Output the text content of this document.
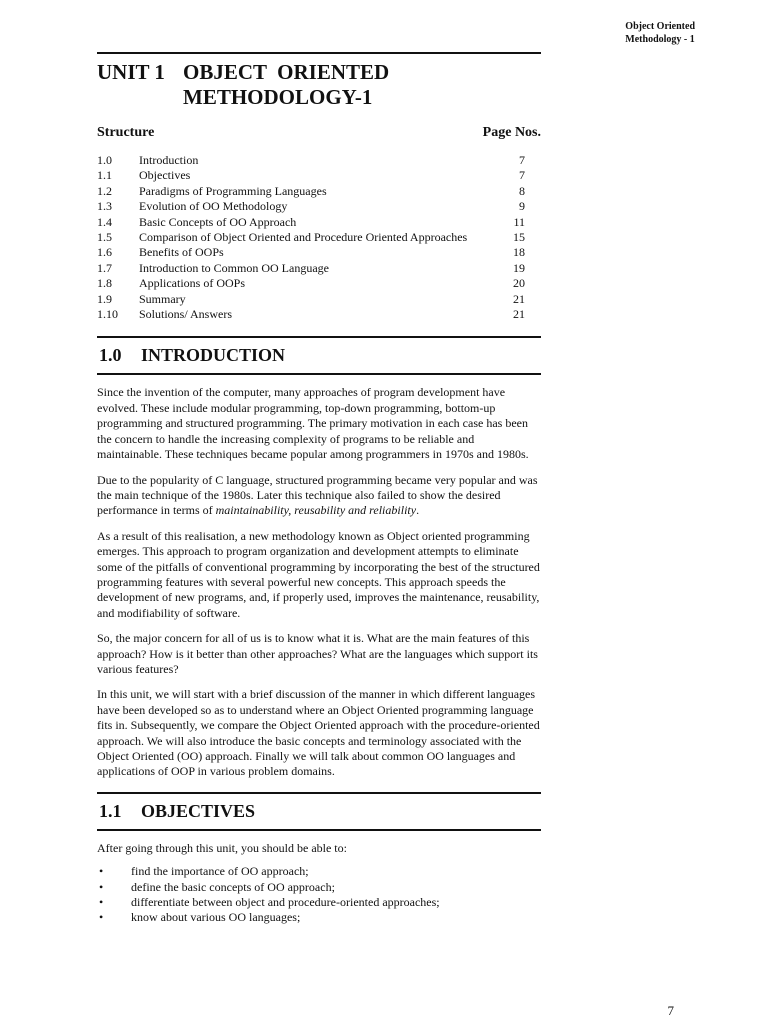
Object Oriented
Methodology - 1
UNIT 1 OBJECT  ORIENTED
METHODOLOGY-1
Structure	Page Nos.
1.0	Introduction	7
1.1	Objectives	7
1.2	Paradigms of Programming Languages	8
1.3	Evolution of OO Methodology	9
1.4	Basic Concepts of OO Approach	11
1.5	Comparison of Object Oriented and Procedure Oriented Approaches	15
1.6	Benefits of OOPs	18
1.7	Introduction to Common OO Language	19
1.8	Applications of OOPs	20
1.9	Summary	21
1.10	Solutions/ Answers	21
1.0	INTRODUCTION

Since the invention of the computer, many approaches of program development have evolved. These include modular programming, top-down programming, bottom-up programming and structured programming. The primary motivation in each case has been the concern to handle the increasing complexity of programs to be reliable and maintainable. These techniques became popular among programmers in 1970s and 1980s.

Due to the popularity of C language, structured programming became very popular and was the main technique of the 1980s. Later this technique also failed to show the desired performance in terms of maintainability, reusability and reliability.

As a result of this realisation, a new methodology known as Object oriented programming emerges. This approach to program organization and development attempts to eliminate some of the pitfalls of conventional programming by incorporating the best of the structured programming features with several powerful new concepts. This approach speeds the development of new programs, and, if properly used, improves the maintenance, reusability, and modifiability of software.

So, the major concern for all of us is to know what it is. What are the main features of this approach? How is it better than other approaches? What are the languages which support its various features?

In this unit, we will start with a brief discussion of the manner in which different languages have been developed so as to understand where an Object Oriented programming language fits in. Subsequently, we compare the Object Oriented approach with the procedure-oriented approach. We will also introduce the basic concepts and terminology associated with the Object Oriented (OO) approach. Finally we will talk about common OO languages and applications of OOP in various problem domains.

1.1	OBJECTIVES

After going through this unit, you should be able to:

•	find the importance of OO approach;
•	define the basic concepts of OO approach;
•	differentiate between object and procedure-oriented approaches;
•	know about various OO languages;
7
